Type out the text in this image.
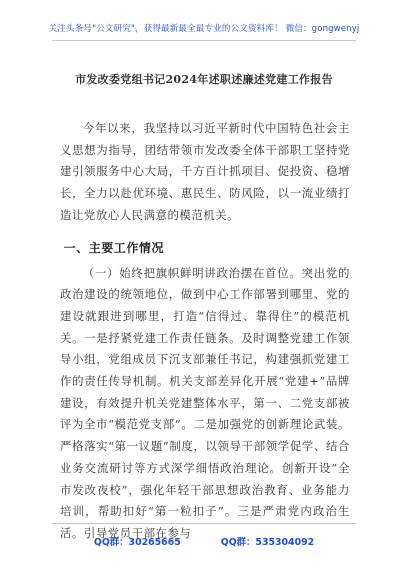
关注头条号"公文研究"，获得最新最全最专业的公文资料库！ 微信：gongwenyj
市发改委党组书记2024年述职述廉述党建工作报告

今年以来，我坚持以习近平新时代中国特色社会主义思想为指导，团结带领市发改委全体干部职工坚持党建引领服务中心大局，千方百计抓项目、促投资、稳增长，全力以赴优环境、惠民生、防风险，以一流业绩打造让党放心人民满意的模范机关。

一、主要工作情况

（一）始终把旗帜鲜明讲政治摆在首位。突出党的政治建设的统领地位，做到中心工作部署到哪里、党的建设就跟进到哪里，打造“信得过、靠得住”的模范机关。一是抒紧党建工作责任链条。及时调整党建工作领导小组，党组成员下沉支部兼任书记，构建强抓党建工作的责任传导机制。机关支部差异化开展“党建+”品牌建设，有效提升机关党建整体水平，第一、二党支部被评为全市“模范党支部”。二是加强党的创新理论武装。严格落实“第一议题”制度，以领导干部领学促学、结合业务交流研讨等方式深学细悟政治理论。创新开设“全市发改夜校”，强化年轻干部思想政治教育、业务能力培训，帮助扣好“第一粒扣子”。三是严肃党内政治生活。引导党员干部在参与

QQ群：30265665	QQ群：535304092
